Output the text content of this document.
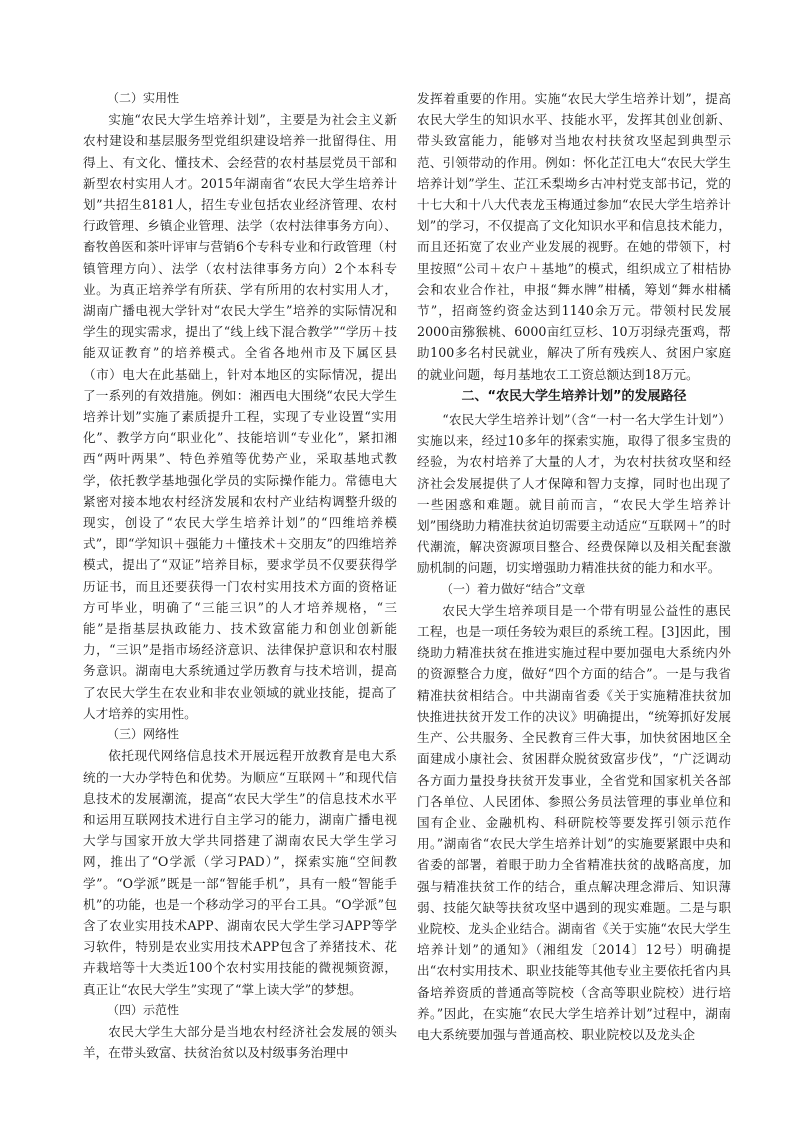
（二）实用性

实施“农民大学生培养计划”，主要是为社会主义新农村建设和基层服务型党组织建设培养一批留得住、用得上、有文化、懂技术、会经营的农村基层党员干部和新型农村实用人才。2015年湖南省“农民大学生培养计划”共招生8181人，招生专业包括农业经济管理、农村行政管理、乡镇企业管理、法学（农村法律事务方向）、畜牧兽医和茶叶评审与营销6个专科专业和行政管理（村镇管理方向）、法学（农村法律事务方向）2个本科专业。为真正培养学有所获、学有所用的农村实用人才，湖南广播电视大学针对“农民大学生”培养的实际情况和学生的现实需求，提出了“线上线下混合教学”“学历＋技能双证教育”的培养模式。全省各地州市及下属区县（市）电大在此基础上，针对本地区的实际情况，提出了一系列的有效措施。例如：湘西电大围绕“农民大学生培养计划”实施了素质提升工程，实现了专业设置“实用化”、教学方向“职业化”、技能培训“专业化”，紧扣湘西“两叶两果”、特色养殖等优势产业，采取基地式教学，依托教学基地强化学员的实际操作能力。常德电大紧密对接本地农村经济发展和农村产业结构调整升级的现实，创设了“农民大学生培养计划”的“四维培养模式”，即“学知识＋强能力＋懂技术＋交朋友”的四维培养模式，提出了“双证”培养目标，要求学员不仅要获得学历证书，而且还要获得一门农村实用技术方面的资格证方可毕业，明确了“三能三识”的人才培养规格，“三能”是指基层执政能力、技术致富能力和创业创新能力，“三识”是指市场经济意识、法律保护意识和农村服务意识。湖南电大系统通过学历教育与技术培训，提高了农民大学生在农业和非农业领域的就业技能，提高了人才培养的实用性。

（三）网络性

依托现代网络信息技术开展远程开放教育是电大系统的一大办学特色和优势。为顺应“互联网＋”和现代信息技术的发展潮流，提高“农民大学生”的信息技术水平和运用互联网技术进行自主学习的能力，湖南广播电视大学与国家开放大学共同搭建了湖南农民大学生学习网，推出了“O学派（学习PAD）”，探索实施“空间教学”。“O学派”既是一部“智能手机”，具有一般“智能手机”的功能，也是一个移动学习的平台工具。“O学派”包含了农业实用技术APP、湖南农民大学生学习APP等学习软件，特别是农业实用技术APP包含了养猪技术、花卉栽培等十大类近100个农村实用技能的微视频资源，真正让“农民大学生”实现了“掌上读大学”的梦想。

（四）示范性

农民大学生大部分是当地农村经济社会发展的领头羊，在带头致富、扶贫治贫以及村级事务治理中

发挥着重要的作用。实施“农民大学生培养计划”，提高农民大学生的知识水平、技能水平，发挥其创业创新、带头致富能力，能够对当地农村扶贫攻坚起到典型示范、引领带动的作用。例如：怀化芷江电大“农民大学生培养计划”学生、芷江禾梨坳乡古冲村党支部书记，党的十七大和十八大代表龙玉梅通过参加“农民大学生培养计划”的学习，不仅提高了文化知识水平和信息技术能力，而且还拓宽了农业产业发展的视野。在她的带领下，村里按照“公司＋农户＋基地”的模式，组织成立了柑桔协会和农业合作社，申报“舞水牌”柑橘，筹划“舞水柑橘节”，招商签约资金达到1140余万元。带领村民发展2000亩猕猴桃、6000亩红豆杉、10万羽绿壳蛋鸡，帮助100多名村民就业，解决了所有残疾人、贫困户家庭的就业问题，每月基地农工工资总额达到18万元。

二、“农民大学生培养计划”的发展路径

“农民大学生培养计划”（含“一村一名大学生计划”）实施以来，经过10多年的探索实施，取得了很多宝贵的经验，为农村培养了大量的人才，为农村扶贫攻坚和经济社会发展提供了人才保障和智力支撑，同时也出现了一些困惑和难题。就目前而言，“农民大学生培养计划”围绕助力精准扶贫迫切需要主动适应“互联网＋”的时代潮流，解决资源项目整合、经费保障以及相关配套激励机制的问题，切实增强助力精准扶贫的能力和水平。

（一）着力做好“结合”文章

农民大学生培养项目是一个带有明显公益性的惠民工程，也是一项任务较为艰巨的系统工程。[3]因此，围绕助力精准扶贫在推进实施过程中要加强电大系统内外的资源整合力度，做好“四个方面的结合”。一是与我省精准扶贫相结合。中共湖南省委《关于实施精准扶贫加快推进扶贫开发工作的决议》明确提出，“统筹抓好发展生产、公共服务、全民教育三件大事，加快贫困地区全面建成小康社会、贫困群众脱贫致富步伐”，“广泛调动各方面力量投身扶贫开发事业，全省党和国家机关各部门各单位、人民团体、参照公务员法管理的事业单位和国有企业、金融机构、科研院校等要发挥引领示范作用。”湖南省“农民大学生培养计划”的实施要紧跟中央和省委的部署，着眼于助力全省精准扶贫的战略高度，加强与精准扶贫工作的结合，重点解决理念滞后、知识薄弱、技能欠缺等扶贫攻坚中遇到的现实难题。二是与职业院校、龙头企业结合。湖南省《关于实施“农民大学生培养计划”的通知》（湘组发〔2014〕12号）明确提出“农村实用技术、职业技能等其他专业主要依托省内具备培养资质的普通高等院校（含高等职业院校）进行培养。”因此，在实施“农民大学生培养计划”过程中，湖南电大系统要加强与普通高校、职业院校以及龙头企
